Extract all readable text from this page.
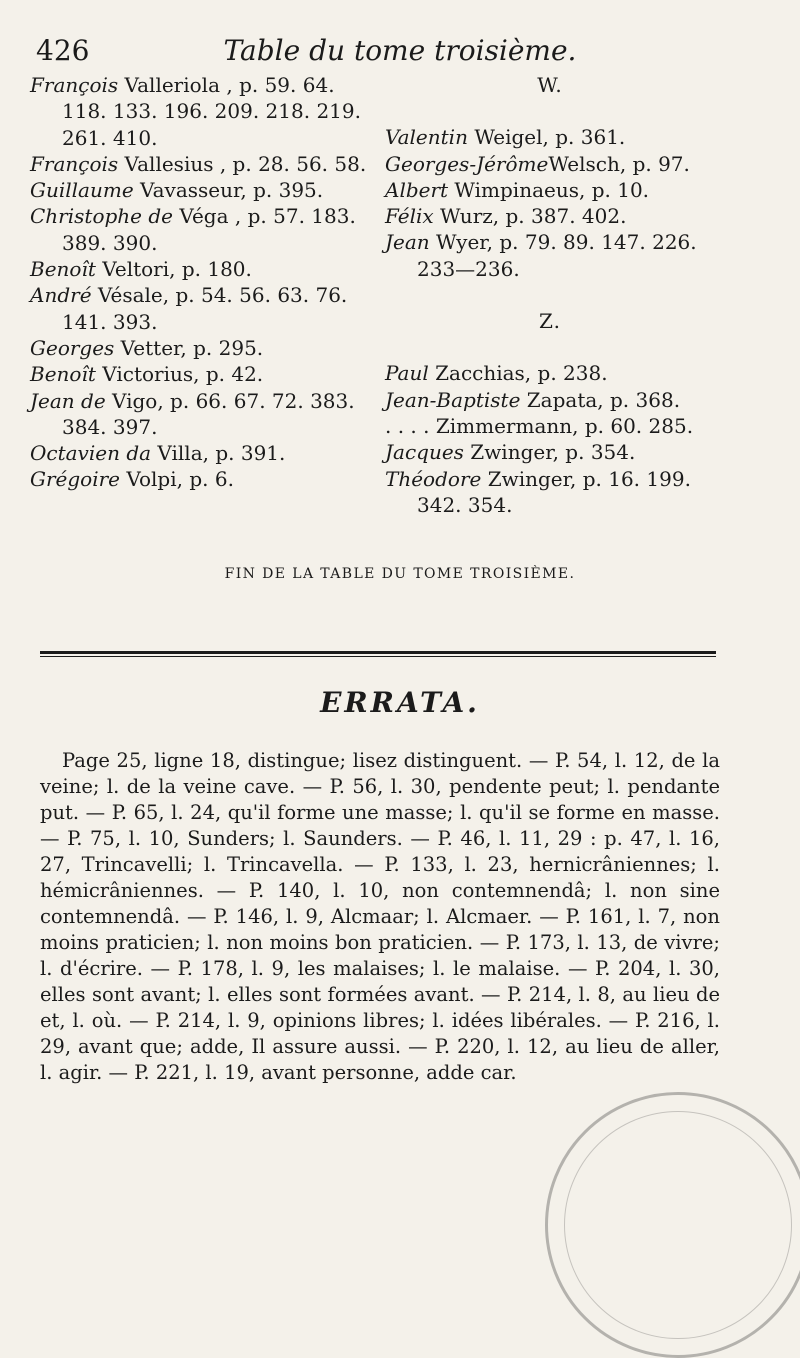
426	Table du tome troisième.

François Valleriola , p. 59. 64. 118. 133. 196. 209. 218. 219. 261. 410.

François Vallesius , p. 28. 56. 58.

Guillaume Vavasseur, p. 395.

Christophe de Véga , p. 57. 183. 389. 390.

Benoît Veltori, p. 180.

André Vésale, p. 54. 56. 63. 76. 141. 393.

Georges Vetter, p. 295.

Benoît Victorius, p. 42.

Jean de Vigo, p. 66. 67. 72. 383. 384. 397.

Octavien da Villa, p. 391.

Grégoire Volpi, p. 6.

W.

Valentin Weigel, p. 361.

Georges-JérômeWelsch, p. 97.

Albert Wimpinaeus, p. 10.

Félix Wurz, p. 387. 402.

Jean Wyer, p. 79. 89. 147. 226. 233—236.

Z.

Paul Zacchias, p. 238.

Jean-Baptiste Zapata, p. 368.

. . . . Zimmermann, p. 60. 285.

Jacques Zwinger, p. 354.

Théodore Zwinger, p. 16. 199. 342. 354.

FIN DE LA TABLE DU TOME TROISIÈME.
ERRATA.

Page 25, ligne 18, distingue; lisez distinguent. — P. 54, l. 12, de la veine; l. de la veine cave. — P. 56, l. 30, pendente peut; l. pendante put. — P. 65, l. 24, qu'il forme une masse; l. qu'il se forme en masse. — P. 75, l. 10, Sunders; l. Saunders. — P. 46, l. 11, 29 : p. 47, l. 16, 27, Trincavelli; l. Trincavella. — P. 133, l. 23, hernicrâniennes; l. hémicrâniennes. — P. 140, l. 10, non contemnendâ; l. non sine contemnendâ. — P. 146, l. 9, Alcmaar; l. Alcmaer. — P. 161, l. 7, non moins praticien; l. non moins bon praticien. — P. 173, l. 13, de vivre; l. d'écrire. — P. 178, l. 9, les malaises; l. le malaise. — P. 204, l. 30, elles sont avant; l. elles sont formées avant. — P. 214, l. 8, au lieu de et, l. où. — P. 214, l. 9, opinions libres; l. idées libérales. — P. 216, l. 29, avant que; adde, Il assure aussi. — P. 220, l. 12, au lieu de aller, l. agir. — P. 221, l. 19, avant personne, adde car.
